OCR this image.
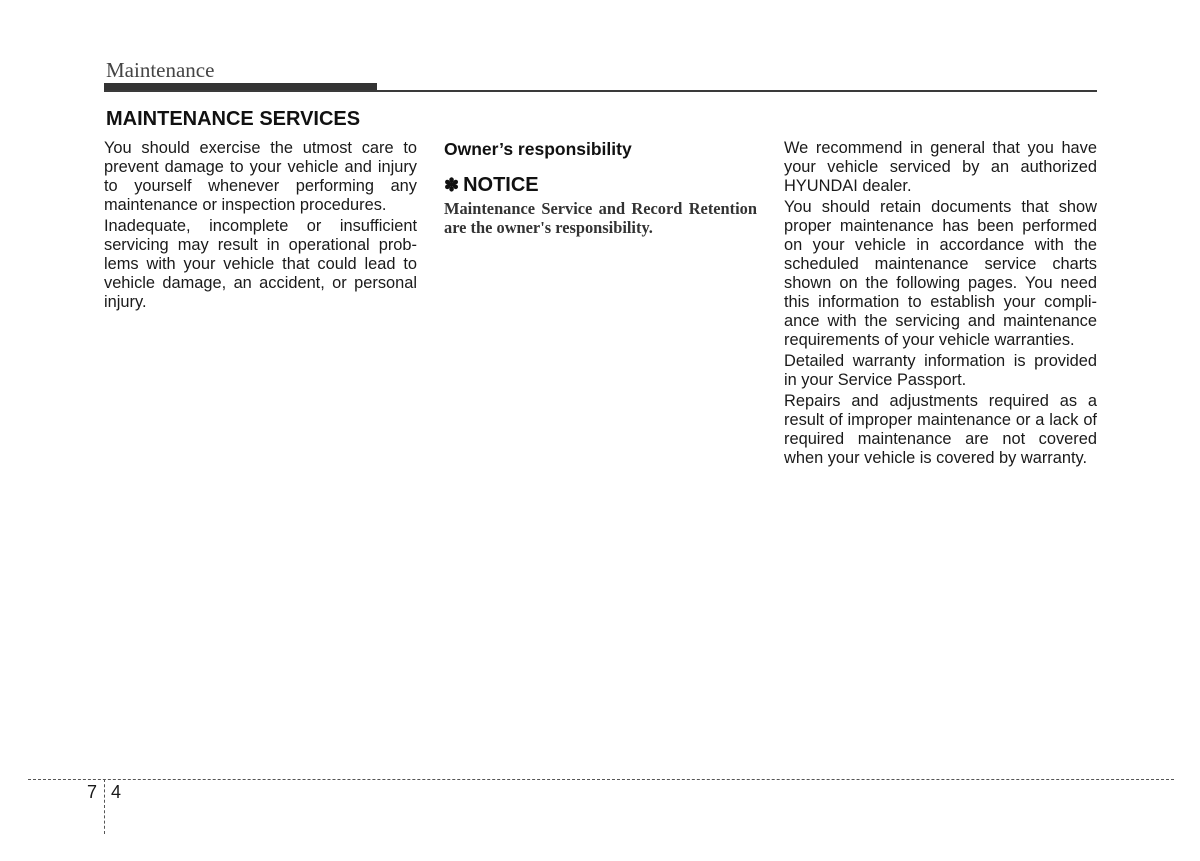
Maintenance
MAINTENANCE SERVICES

You should exercise the utmost care to prevent damage to your vehicle and injury to yourself whenever performing any maintenance or inspection procedures.

Inadequate, incomplete or insufficient servicing may result in operational problems with your vehicle that could lead to vehicle damage, an accident, or personal injury.

Owner’s responsibility
✽ NOTICE

Maintenance Service and Record Retention are the owner's responsibility.

We recommend in general that you have your vehicle serviced by an authorized HYUNDAI dealer.

You should retain documents that show proper maintenance has been performed on your vehicle in accordance with the scheduled maintenance service charts shown on the following pages. You need this information to establish your compliance with the servicing and maintenance requirements of your vehicle warranties.

Detailed warranty information is provided in your Service Passport.

Repairs and adjustments required as a result of improper maintenance or a lack of required maintenance are not covered when your vehicle is covered by warranty.

7 4
